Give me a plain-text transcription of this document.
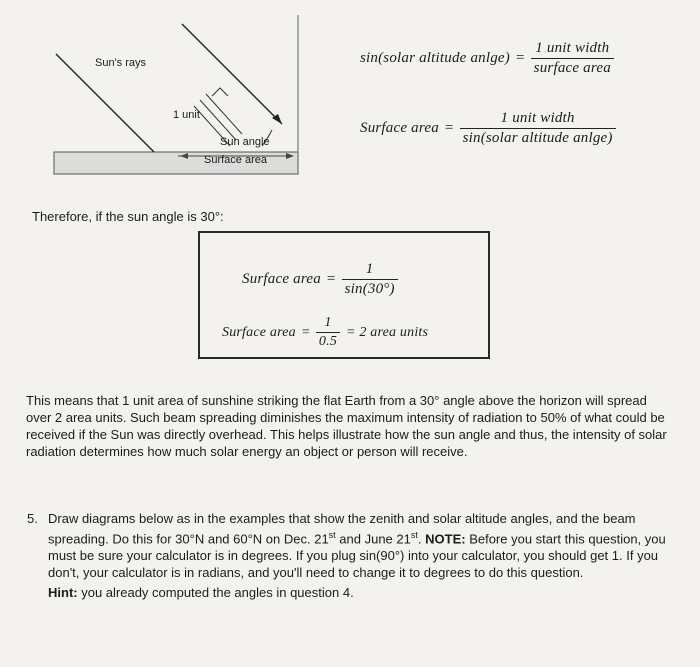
Sun's rays
1 unit
Sun angle
Surface area
sin(solar altitude $anlge) = \frac{\text{1 unit width}}{\text{surface area}}$
Surface area = $\frac{\text{1 unit width}}{\text{sin(solar altitude anlge)}}$
Therefore, if the sun angle is 30°:
Surface area = $\frac{1}{\sin(30^\circ)}$
Surface area = $\frac{1}{0.5} = 2$ area units
This means that 1 unit area of sunshine striking the flat Earth from a 30° angle above the horizon will spread over 2 area units. Such beam spreading diminishes the maximum intensity of radiation to 50% of what could be received if the Sun was directly overhead. This helps illustrate how the sun angle and thus, the intensity of solar radiation determines how much solar energy an object or person will receive.
5. Draw diagrams below as in the examples that show the zenith and solar altitude angles, and the beam spreading. Do this for 30°N and 60°N on Dec. 21st and June 21st. NOTE: Before you start this question, you must be sure your calculator is in degrees. If you plug sin(90°) into your calculator, you should get 1. If you don't, your calculator is in radians, and you'll need to change it to degrees to do this question.
Hint: you already computed the angles in question 4.
